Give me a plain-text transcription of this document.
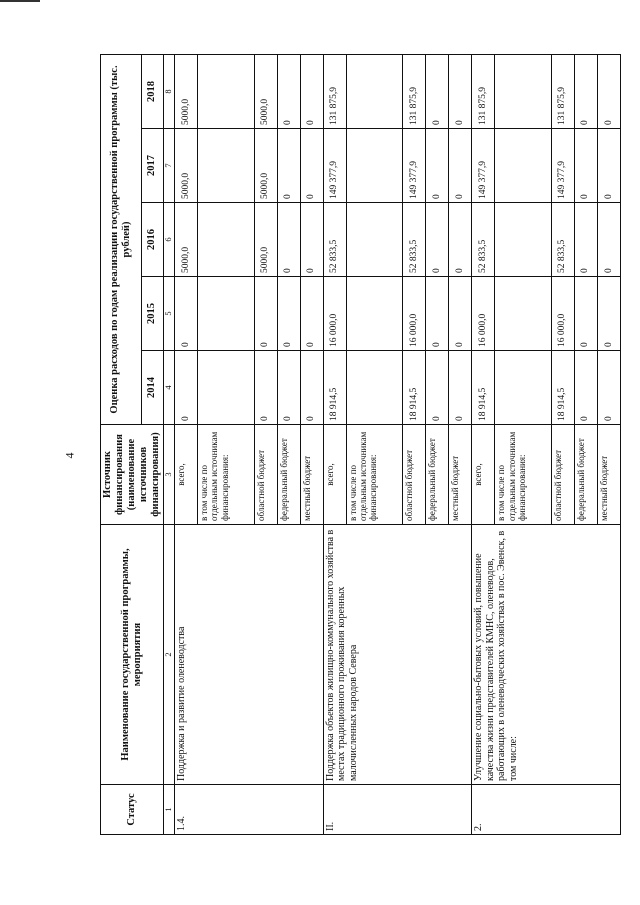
4
Статус	Наименование государственной программы, мероприятия	Источник финансирования (наименование источников финансирования)	Оценка расходов по годам реализации государственной программы (тыс. рублей)				
			2014	2015	2016	2017	2018
1	2	3	4	5	6	7	8
1.4.	Поддержка и развитие оленеводства	всего,	0	0	5000,0	5000,0	5000,0
		в том числе по отдельным источникам финансирования:					
		областной бюджет	0	0	5000,0	5000,0	5000,0
		федеральный бюджет	0	0	0	0	0
		местный бюджет	0	0	0	0	0
II.	Поддержка объектов жилищно-коммунального хозяйства в местах традиционного проживания коренных малочисленных народов Севера	всего,	18 914,5	16 000,0	52 833,5	149 377,9	131 875,9
		в том числе по отдельным источникам финансирования:					
		областной бюджет	18 914,5	16 000,0	52 833,5	149 377,9	131 875,9
		федеральный бюджет	0	0	0	0	0
		местный бюджет	0	0	0	0	0
2.	Улучшение социально-бытовых условий, повышение качества жизни представителей КМНС, оленеводов, работающих в оленеводческих хозяйствах в пос. Эвенск, в том числе:	всего,	18 914,5	16 000,0	52 833,5	149 377,9	131 875,9
		в том числе по отдельным источникам финансирования:					
		областной бюджет	18 914,5	16 000,0	52 833,5	149 377,9	131 875,9
		федеральный бюджет	0	0	0	0	0
		местный бюджет	0	0	0	0	0
